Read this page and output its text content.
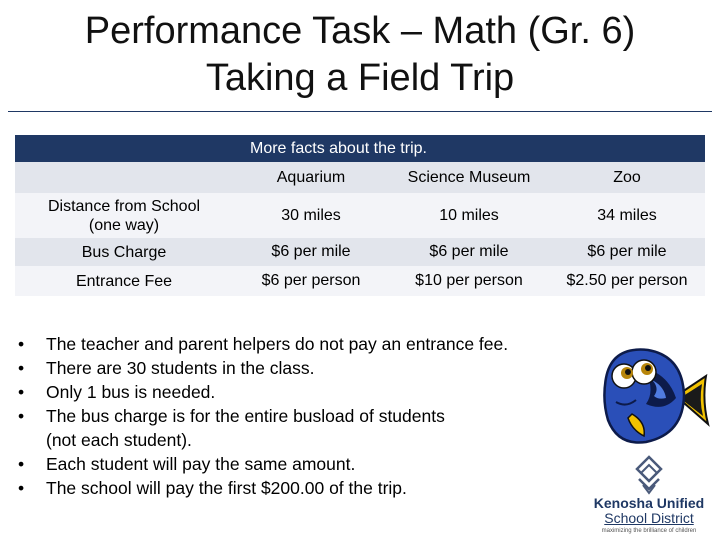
Performance Task – Math (Gr. 6)
Taking a Field Trip
More facts about the trip.
	Aquarium	Science Museum	Zoo
Distance from School
(one way)	30 miles	10 miles	34 miles
Bus Charge	$6 per mile	$6 per mile	$6 per mile
Entrance Fee	$6 per person	$10 per person	$2.50 per person
• The teacher and parent helpers do not pay an entrance fee.
• There are 30 students in the class.
• Only 1 bus is needed.
• The bus charge is for the entire busload of students
(not each student).
• Each student will pay the same amount.
• The school will pay the first $200.00 of the trip.
Kenosha Unified
School District
maximizing the brilliance of children
